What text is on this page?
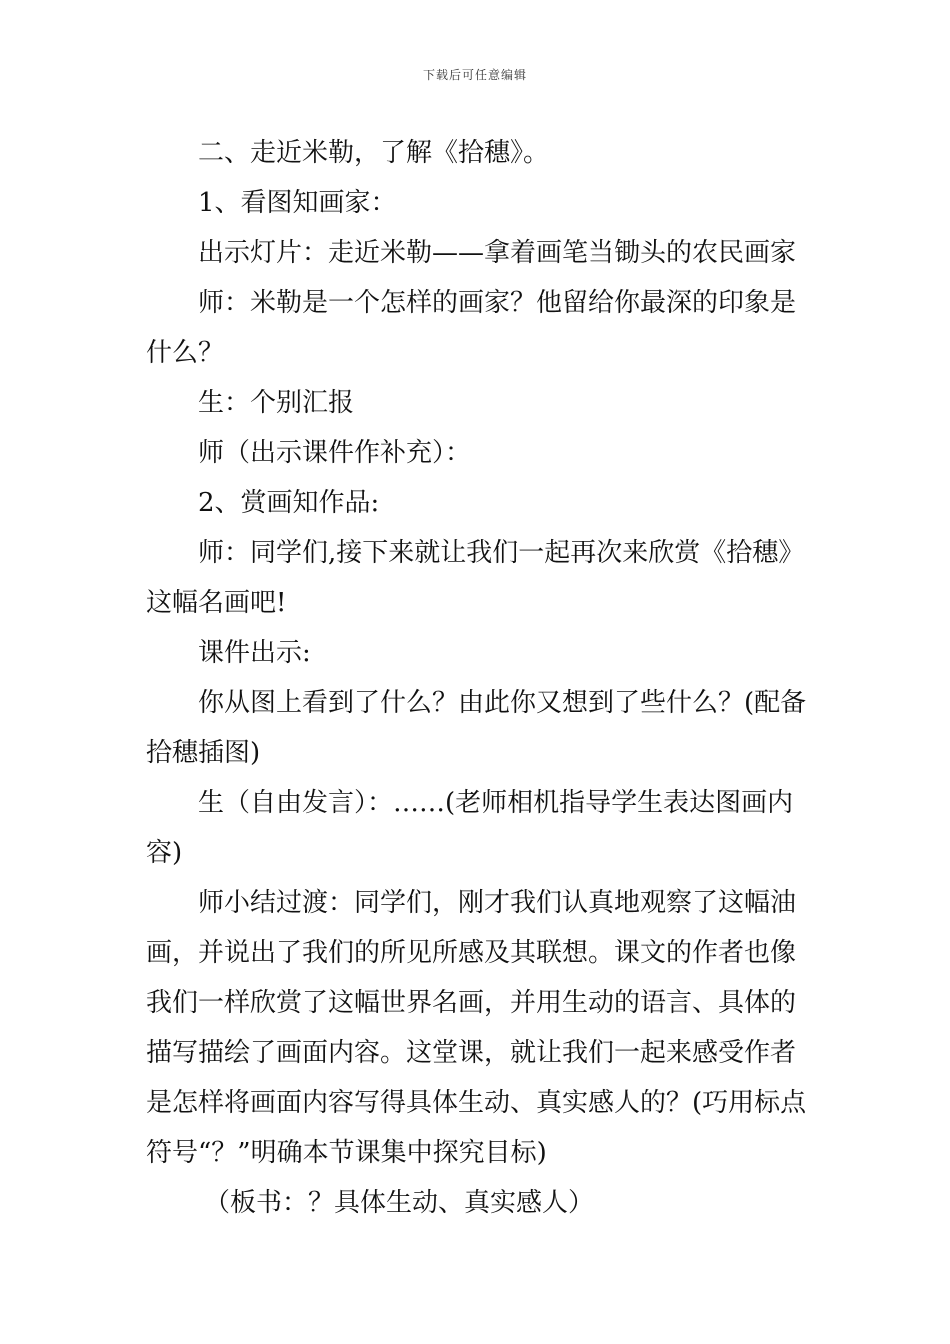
下载后可任意编辑
二、走近米勒，了解《拾穗》。
1、看图知画家：
出示灯片：走近米勒——拿着画笔当锄头的农民画家
师：米勒是一个怎样的画家？他留给你最深的印象是
什么？
生：个别汇报
师（出示课件作补充）：
2、赏画知作品:
师：同学们,接下来就让我们一起再次来欣赏《拾穗》
这幅名画吧!
课件出示:
你从图上看到了什么？由此你又想到了些什么？(配备
拾穗插图)
生（自由发言）：……(老师相机指导学生表达图画内
容)
师小结过渡：同学们，刚才我们认真地观察了这幅油
画，并说出了我们的所见所感及其联想。课文的作者也像
我们一样欣赏了这幅世界名画，并用生动的语言、具体的
描写描绘了画面内容。这堂课，就让我们一起来感受作者
是怎样将画面内容写得具体生动、真实感人的？(巧用标点
符号“？”明确本节课集中探究目标)
（板书：？具体生动、真实感人）
